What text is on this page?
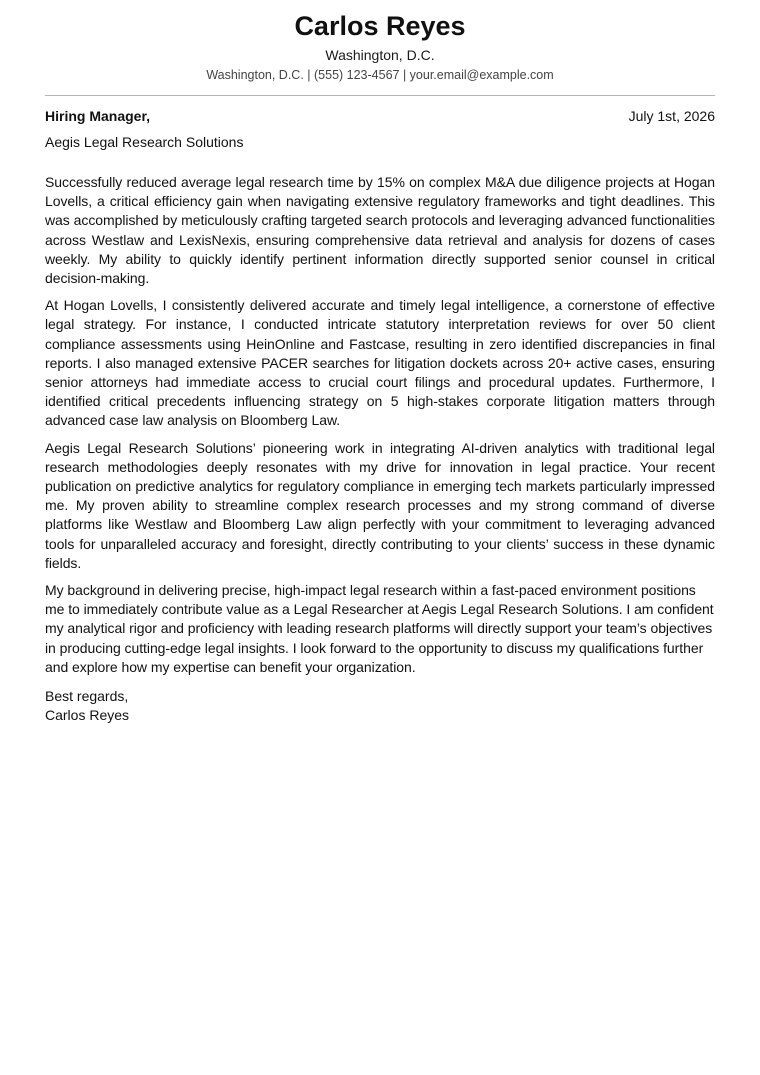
Carlos Reyes

Washington, D.C.

Washington, D.C. | (555) 123-4567 | your.email@example.com

Hiring Manager,	July 1st, 2026
Aegis Legal Research Solutions

Successfully reduced average legal research time by 15% on complex M&A due diligence projects at Hogan Lovells, a critical efficiency gain when navigating extensive regulatory frameworks and tight deadlines. This was accomplished by meticulously crafting targeted search protocols and leveraging advanced functionalities across Westlaw and LexisNexis, ensuring comprehensive data retrieval and analysis for dozens of cases weekly. My ability to quickly identify pertinent information directly supported senior counsel in critical decision-making.

At Hogan Lovells, I consistently delivered accurate and timely legal intelligence, a cornerstone of effective legal strategy. For instance, I conducted intricate statutory interpretation reviews for over 50 client compliance assessments using HeinOnline and Fastcase, resulting in zero identified discrepancies in final reports. I also managed extensive PACER searches for litigation dockets across 20+ active cases, ensuring senior attorneys had immediate access to crucial court filings and procedural updates. Furthermore, I identified critical precedents influencing strategy on 5 high-stakes corporate litigation matters through advanced case law analysis on Bloomberg Law.

Aegis Legal Research Solutions’ pioneering work in integrating AI-driven analytics with traditional legal research methodologies deeply resonates with my drive for innovation in legal practice. Your recent publication on predictive analytics for regulatory compliance in emerging tech markets particularly impressed me. My proven ability to streamline complex research processes and my strong command of diverse platforms like Westlaw and Bloomberg Law align perfectly with your commitment to leveraging advanced tools for unparalleled accuracy and foresight, directly contributing to your clients’ success in these dynamic fields.

My background in delivering precise, high-impact legal research within a fast-paced environment positions me to immediately contribute value as a Legal Researcher at Aegis Legal Research Solutions. I am confident my analytical rigor and proficiency with leading research platforms will directly support your team’s objectives in producing cutting-edge legal insights. I look forward to the opportunity to discuss my qualifications further and explore how my expertise can benefit your organization.

Best regards,
Carlos Reyes
